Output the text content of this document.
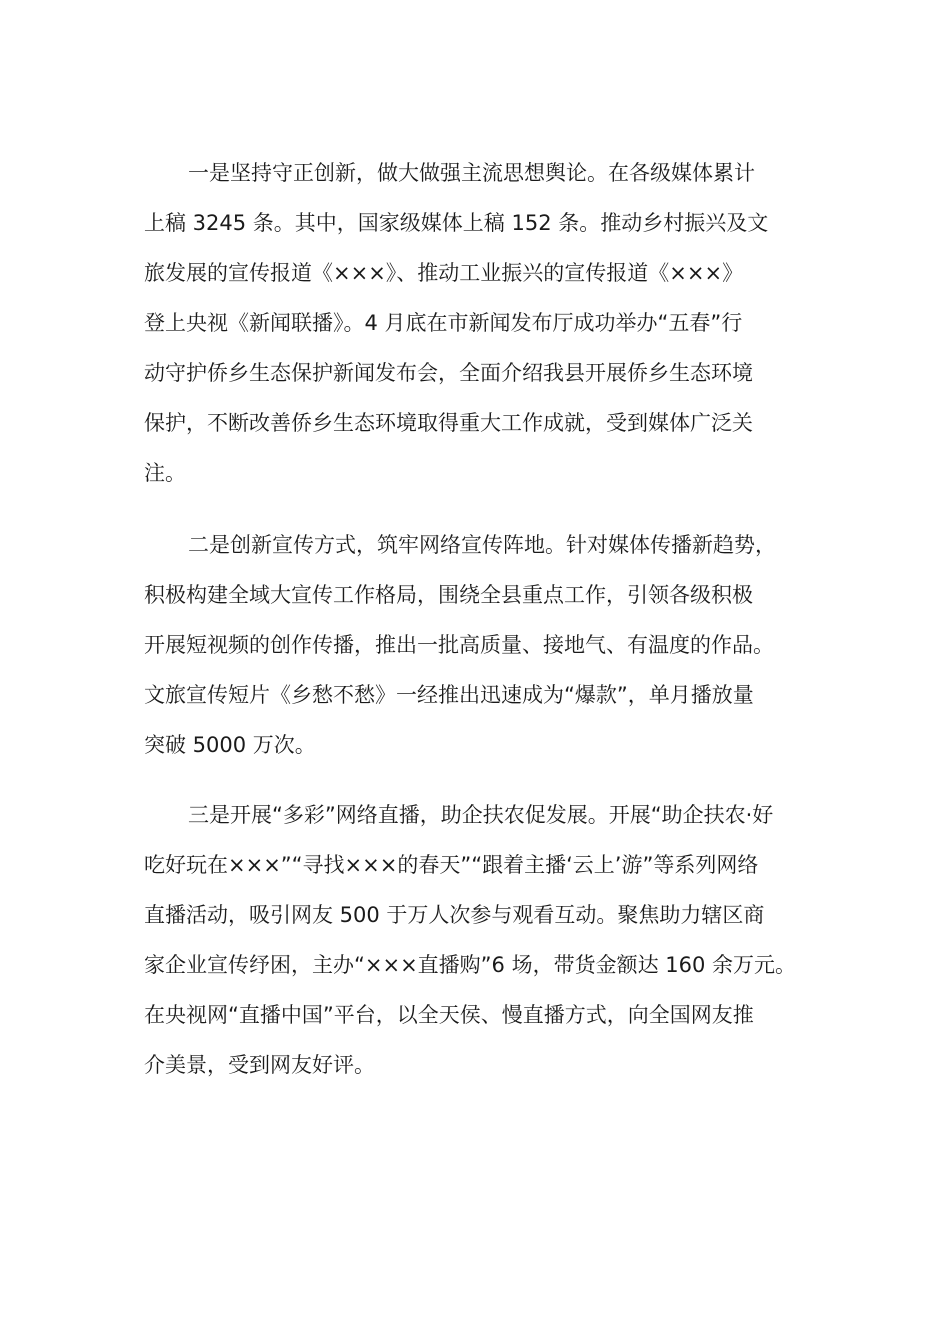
一是坚持守正创新，做大做强主流思想舆论。在各级媒体累计
上稿 3245 条。其中，国家级媒体上稿 152 条。推动乡村振兴及文
旅发展的宣传报道《×××》、推动工业振兴的宣传报道《×××》
登上央视《新闻联播》。4 月底在市新闻发布厅成功举办“五春”行
动守护侨乡生态保护新闻发布会，全面介绍我县开展侨乡生态环境
保护，不断改善侨乡生态环境取得重大工作成就，受到媒体广泛关
注。
二是创新宣传方式，筑牢网络宣传阵地。针对媒体传播新趋势，
积极构建全域大宣传工作格局，围绕全县重点工作，引领各级积极
开展短视频的创作传播，推出一批高质量、接地气、有温度的作品。
文旅宣传短片《乡愁不愁》一经推出迅速成为“爆款”，单月播放量
突破 5000 万次。
三是开展“多彩”网络直播，助企扶农促发展。开展“助企扶农·好
吃好玩在×××”“寻找×××的春天”“跟着主播‘云上’游”等系列网络
直播活动，吸引网友 500 于万人次参与观看互动。聚焦助力辖区商
家企业宣传纾困，主办“×××直播购”6 场，带货金额达 160 余万元。
在央视网“直播中国”平台，以全天侯、慢直播方式，向全国网友推
介美景，受到网友好评。
